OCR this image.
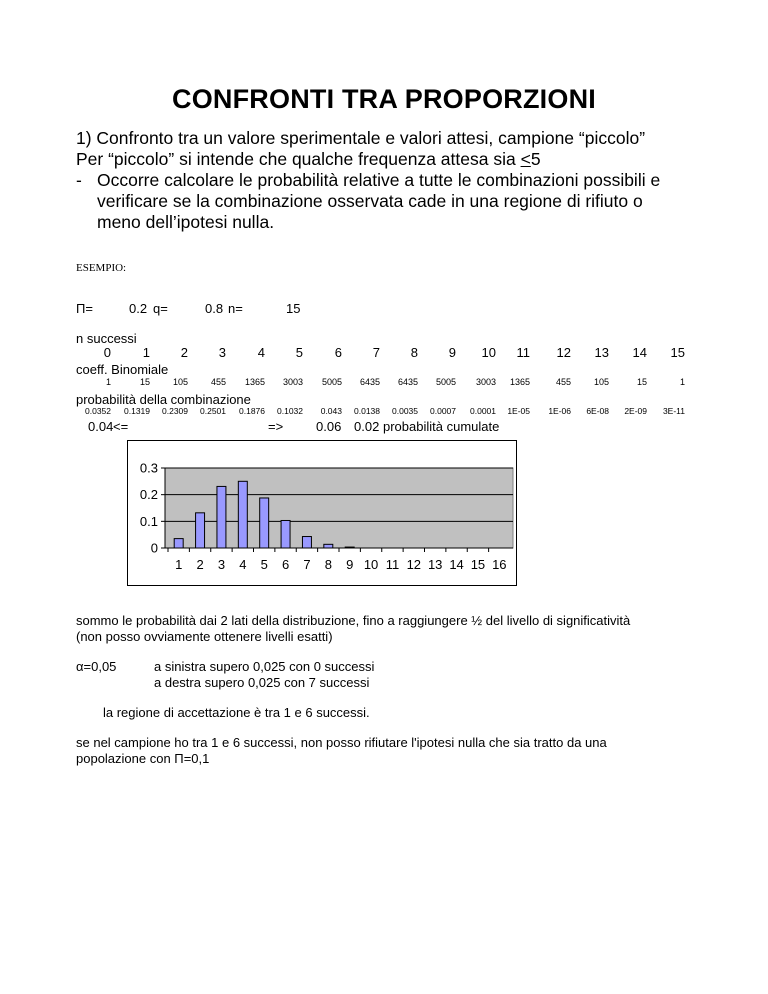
CONFRONTI TRA PROPORZIONI
1) Confronto tra un valore sperimentale e valori attesi, campione “piccolo”
Per “piccolo” si intende che qualche frequenza attesa sia <5
- Occorre calcolare le probabilità relative a tutte le combinazioni possibili e
verificare se la combinazione osservata cade in una regione di rifiuto o
meno dell’ipotesi nulla.
ESEMPIO:
Π=	0.2 q=	0.8 n=	15
n successi
0 1 2 3 4 5 6 7 8 9 10 11 12 13 14 15
coeff. Binomiale
1	15	105	455 1365 3003 5005 6435 6435 5005 3003 1365	455	105	15	1
probabilità della combinazione
0.0352 0.1319 0.2309 0.2501 0.1876 0.1032 0.043 0.0138 0.0035 0.0007 0.0001 1E-05 1E-06 6E-08 2E-09 3E-11
0.04 <=	=>	0.06 0.02 probabilità cumulate
0
0.1
0.2
0.3
1 2 3 4 5 6 7 8 9 10 11 12 13 14 15 16
sommo le probabilità dai 2 lati della distribuzione, fino a raggiungere ½ del livello di significatività
(non posso ovviamente ottenere livelli esatti)
α=0,05	a sinistra supero 0,025 con 0 successi
a destra supero 0,025 con 7 successi
la regione di accettazione è tra 1 e 6 successi.
se nel campione ho tra 1 e 6 successi, non posso rifiutare l'ipotesi nulla che sia tratto da una
popolazione con Π=0,1
